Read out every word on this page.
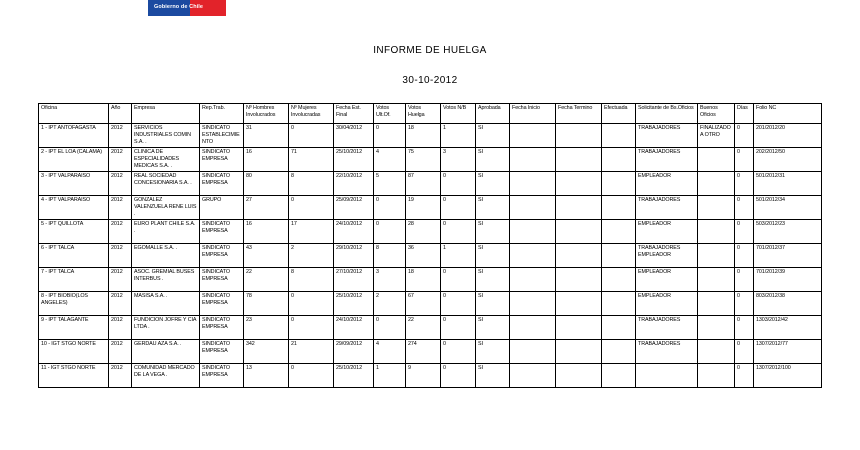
Gobierno de Chile
INFORME DE HUELGA
30-10-2012
Oficina	Año	Empresa	Rep.Trab.	Nº Hombres Involucrados	Nº Mujeres Involucradas	Fecha Est. Final	Votos Ult.Of.	Votos Huelga	Votos N/B	Aprobada	Fecha Inicio	Fecha Termino	Efectuada	Solicitante de Bs.Oficios	Buenos Oficios	Días	Folio NC
1 - IPT ANTOFAGASTA	2012	SERVICIOS INDUSTRIALES COMIN S.A. .	SINDICATO ESTABLECIMIENTO	31	0	30/04/2012	0	18	1	SI				TRABAJADORES	FINALIZADO A OTRO	0	201/2012/20
2 - IPT EL LOA (CALAMA)	2012	CLINICA DE ESPECIALIDADES MEDICAS S.A. .	SINDICATO EMPRESA	16	71	25/10/2012	4	75	3	SI				TRABAJADORES		0	202/2012/50
3 - IPT VALPARAISO	2012	REAL SOCIEDAD CONCESIONARIA S.A. .	SINDICATO EMPRESA	80	8	22/10/2012	5	87	0	SI				EMPLEADOR		0	501/2012/31
4 - IPT VALPARAISO	2012	GONZALEZ VALENZUELA RENE LUIS .	GRUPO	27	0	25/09/2012	0	19	0	SI				TRABAJADORES		0	501/2012/34
5 - IPT QUILLOTA	2012	EURO PLANT CHILE S.A. .	SINDICATO EMPRESA	16	17	24/10/2012	0	28	0	SI				EMPLEADOR		0	503/2012/23
6 - IPT TALCA	2012	EGOMALLE S.A. .	SINDICATO EMPRESA	43	2	29/10/2012	8	36	1	SI				TRABAJADORES EMPLEADOR		0	701/2012/37
7 - IPT TALCA	2012	ASOC. GREMIAL BUSES INTERBUS .	SINDICATO EMPRESA	22	8	27/10/2012	3	18	0	SI				EMPLEADOR		0	701/2012/39
8 - IPT BIOBIO(LOS ANGELES)	2012	MASISA S.A. .	SINDICATO EMPRESA	78	0	25/10/2012	2	67	0	SI				EMPLEADOR		0	803/2012/38
9 - IPT TALAGANTE	2012	FUNDICION JOFRE Y CIA LTDA .	SINDICATO EMPRESA	23	0	24/10/2012	0	22	0	SI				TRABAJADORES		0	1303/2012/42
10 - IGT STGO NORTE	2012	GERDAU AZA S.A. .	SINDICATO EMPRESA	342	21	29/09/2012	4	274	0	SI				TRABAJADORES		0	1307/2012/77
11 - IGT STGO NORTE	2012	COMUNIDAD MERCADO DE LA VEGA .	SINDICATO EMPRESA	13	0	25/10/2012	1	9	0	SI						0	1307/2012/100
